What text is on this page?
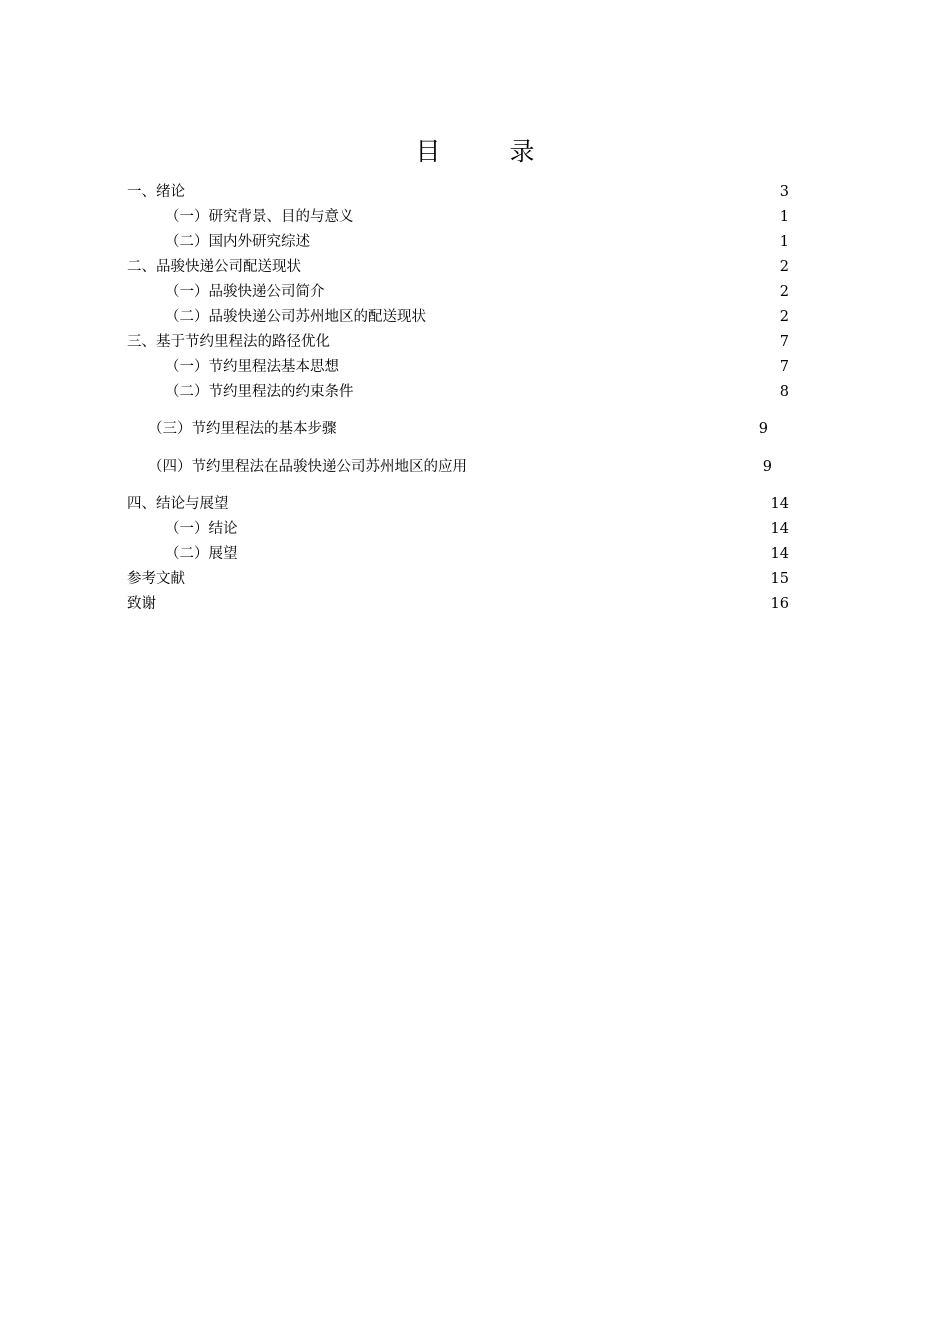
目　录
一、绪论	3
（一）研究背景、目的与意义	1
（二）国内外研究综述	1
二、品骏快递公司配送现状	2
（一）品骏快递公司简介	2
（二）品骏快递公司苏州地区的配送现状	2
三、基于节约里程法的路径优化	7
（一）节约里程法基本思想	7
（二）节约里程法的约束条件	8
（三）节约里程法的基本步骤	9
（四）节约里程法在品骏快递公司苏州地区的应用	9
四、结论与展望	14
（一）结论	14
（二）展望	14
参考文献	15
致谢	16
